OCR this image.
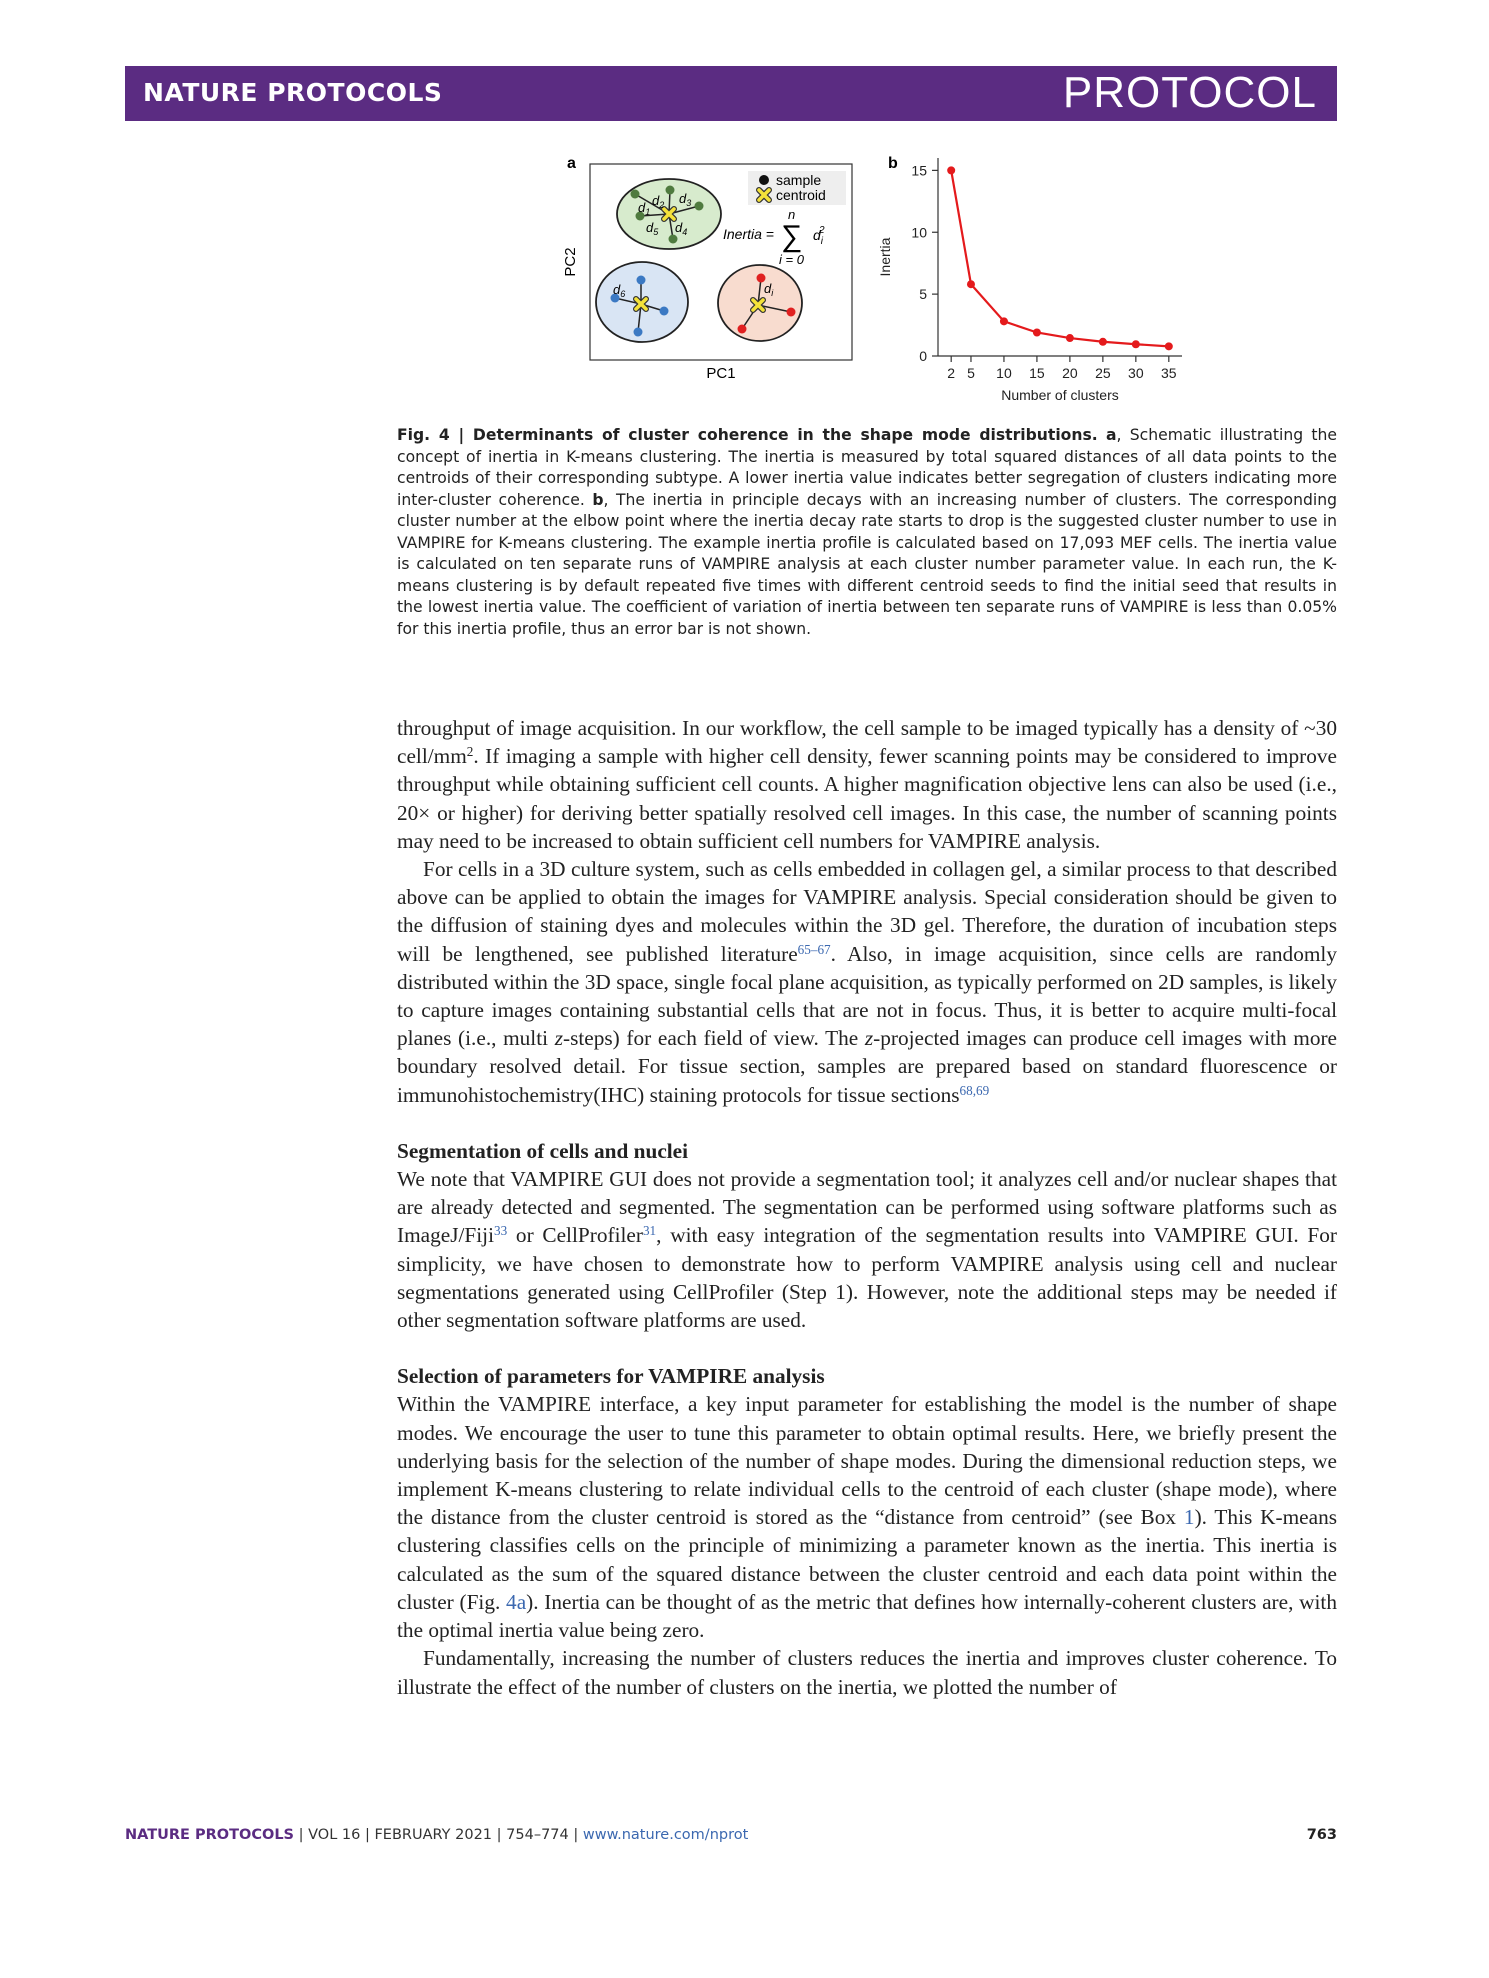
NATURE PROTOCOLS	PROTOCOL
a
PC1
PC2
sample
centroid
Inertia = ∑
n
i = 0
$d_i2$
$d_2$ $d_3$
$d_1$
$d_5$ $d_4$
$d_6$	$d_i$
b
0
5
10
15
2 5 10 15 20 25 30 35
Number of clusters
Inertia
Fig. 4 | Determinants of cluster coherence in the shape mode distributions. a, Schematic illustrating the concept of inertia in K-means clustering. The inertia is measured by total squared distances of all data points to the centroids of their corresponding subtype. A lower inertia value indicates better segregation of clusters indicating more inter-cluster coherence. b, The inertia in principle decays with an increasing number of clusters. The corresponding cluster number at the elbow point where the inertia decay rate starts to drop is the suggested cluster number to use in VAMPIRE for K-means clustering. The example inertia profile is calculated based on 17,093 MEF cells. The inertia value is calculated on ten separate runs of VAMPIRE analysis at each cluster number parameter value. In each run, the K-means clustering is by default repeated five times with different centroid seeds to find the initial seed that results in the lowest inertia value. The coefficient of variation of inertia between ten separate runs of VAMPIRE is less than 0.05% for this inertia profile, thus an error bar is not shown.

throughput of image acquisition. In our workflow, the cell sample to be imaged typically has a density of ~30 cell/$mm^2$. If imaging a sample with higher cell density, fewer scanning points may be considered to improve throughput while obtaining sufficient cell counts. A higher magnification objective lens can also be used (i.e., 20× or higher) for deriving better spatially resolved cell images. In this case, the number of scanning points may need to be increased to obtain sufficient cell numbers for VAMPIRE analysis.

For cells in a 3D culture system, such as cells embedded in collagen gel, a similar process to that described above can be applied to obtain the images for VAMPIRE analysis. Special consideration should be given to the diffusion of staining dyes and molecules within the 3D gel. Therefore, the duration of incubation steps will be lengthened, see published literature$^{65-67}$. Also, in image acquisition, since cells are randomly distributed within the 3D space, single focal plane acquisition, as typically performed on 2D samples, is likely to capture images containing substantial cells that are not in focus. Thus, it is better to acquire multi-focal planes (i.e., multi z-steps) for each field of view. The z-projected images can produce cell images with more boundary resolved detail. For tissue section, samples are prepared based on standard fluorescence or immunohistochemistry(IHC) staining protocols for tissue sections$^{68,69}$

Segmentation of cells and nuclei

We note that VAMPIRE GUI does not provide a segmentation tool; it analyzes cell and/or nuclear shapes that are already detected and segmented. The segmentation can be performed using software platforms such as ImageJ/Fiji$^{33}$ or CellProfiler$^{31}$, with easy integration of the segmentation results into VAMPIRE GUI. For simplicity, we have chosen to demonstrate how to perform VAMPIRE analysis using cell and nuclear segmentations generated using CellProfiler (Step 1). However, note the additional steps may be needed if other segmentation software platforms are used.

Selection of parameters for VAMPIRE analysis

Within the VAMPIRE interface, a key input parameter for establishing the model is the number of shape modes. We encourage the user to tune this parameter to obtain optimal results. Here, we briefly present the underlying basis for the selection of the number of shape modes. During the dimensional reduction steps, we implement K-means clustering to relate individual cells to the centroid of each cluster (shape mode), where the distance from the cluster centroid is stored as the “distance from centroid” (see Box 1). This K-means clustering classifies cells on the principle of minimizing a parameter known as the inertia. This inertia is calculated as the sum of the squared distance between the cluster centroid and each data point within the cluster (Fig. 4a). Inertia can be thought of as the metric that defines how internally-coherent clusters are, with the optimal inertia value being zero.

Fundamentally, increasing the number of clusters reduces the inertia and improves cluster coherence. To illustrate the effect of the number of clusters on the inertia, we plotted the number of

NATURE PROTOCOLS | VOL 16 | FEBRUARY 2021 | 754–774 | www.nature.com/nprot	763
